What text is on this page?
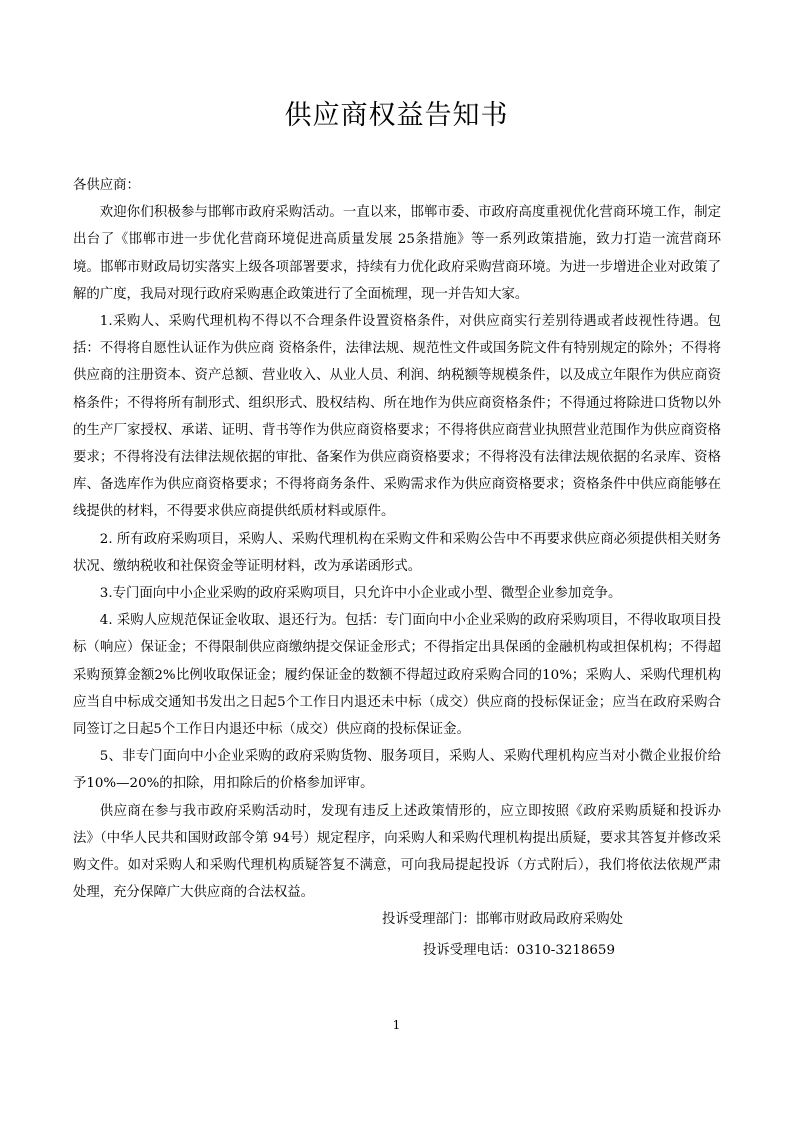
供应商权益告知书

各供应商：

欢迎你们积极参与邯郸市政府采购活动。一直以来，邯郸市委、市政府高度重视优化营商环境工作，制定出台了《邯郸市进一步优化营商环境促进高质量发展 25条措施》等一系列政策措施，致力打造一流营商环境。邯郸市财政局切实落实上级各项部署要求，持续有力优化政府采购营商环境。为进一步增进企业对政策了解的广度，我局对现行政府采购惠企政策进行了全面梳理，现一并告知大家。

1.采购人、采购代理机构不得以不合理条件设置资格条件，对供应商实行差别待遇或者歧视性待遇。包括：不得将自愿性认证作为供应商 资格条件，法律法规、规范性文件或国务院文件有特别规定的除外；不得将供应商的注册资本、资产总额、营业收入、从业人员、利润、纳税额等规模条件，以及成立年限作为供应商资格条件；不得将所有制形式、组织形式、股权结构、所在地作为供应商资格条件；不得通过将除进口货物以外的生产厂家授权、承诺、证明、背书等作为供应商资格要求；不得将供应商营业执照营业范围作为供应商资格要求；不得将没有法律法规依据的审批、备案作为供应商资格要求；不得将没有法律法规依据的名录库、资格库、备选库作为供应商资格要求；不得将商务条件、采购需求作为供应商资格要求；资格条件中供应商能够在线提供的材料，不得要求供应商提供纸质材料或原件。

2. 所有政府采购项目，采购人、采购代理机构在采购文件和采购公告中不再要求供应商必须提供相关财务状况、缴纳税收和社保资金等证明材料，改为承诺函形式。

3.专门面向中小企业采购的政府采购项目，只允许中小企业或小型、微型企业参加竞争。

4. 采购人应规范保证金收取、退还行为。包括：专门面向中小企业采购的政府采购项目，不得收取项目投标（响应）保证金；不得限制供应商缴纳提交保证金形式；不得指定出具保函的金融机构或担保机构；不得超采购预算金额2%比例收取保证金；履约保证金的数额不得超过政府采购合同的10%；采购人、采购代理机构应当自中标成交通知书发出之日起5个工作日内退还未中标（成交）供应商的投标保证金；应当在政府采购合同签订之日起5个工作日内退还中标（成交）供应商的投标保证金。

5、非专门面向中小企业采购的政府采购货物、服务项目，采购人、采购代理机构应当对小微企业报价给予10%—20%的扣除，用扣除后的价格参加评审。

供应商在参与我市政府采购活动时，发现有违反上述政策情形的，应立即按照《政府采购质疑和投诉办法》（中华人民共和国财政部令第 94号）规定程序，向采购人和采购代理机构提出质疑，要求其答复并修改采购文件。如对采购人和采购代理机构质疑答复不满意，可向我局提起投诉（方式附后），我们将依法依规严肃处理，充分保障广大供应商的合法权益。

投诉受理部门：邯郸市财政局政府采购处

投诉受理电话：0310-3218659

1
